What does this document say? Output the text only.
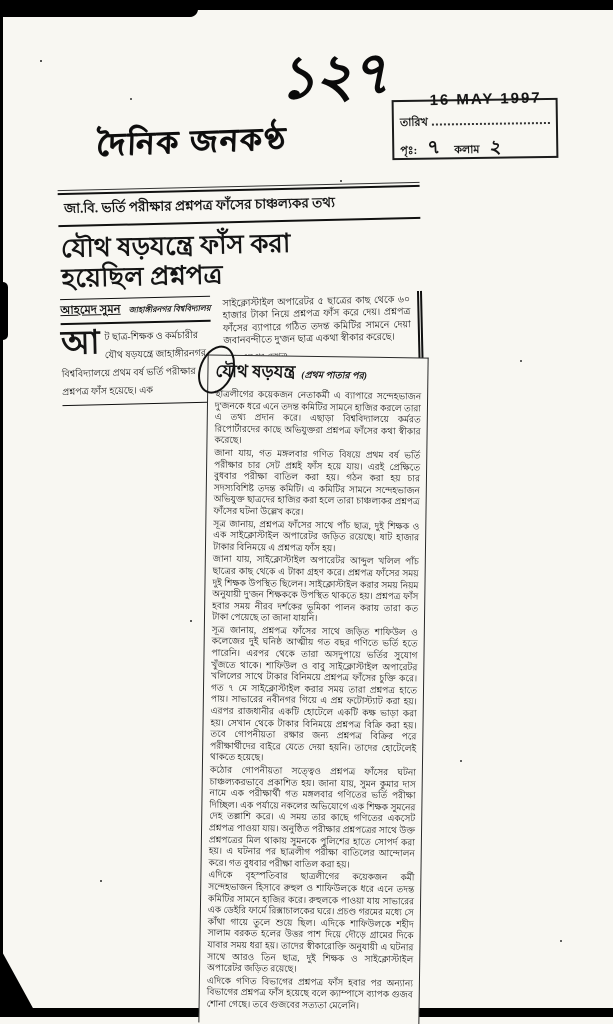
১২৭ 16 MAY 1997
তারিখ
পৃঃ: ৭	কলাম ২
দৈনিক জনকণ্ঠ
জা.বি. ভর্তি পরীক্ষার প্রশ্নপত্র ফাঁসের চাঞ্চল্যকর তথ্য
যৌথ ষড়যন্ত্রে ফাঁস করা
হয়েছিল প্রশ্নপত্র
আহমেদ সুমন জাহাঙ্গীরনগর বিশ্ববিদ্যালয়
আ ট ছাত্র-শিক্ষক ও কর্মচারীর যৌথ ষড়যন্ত্রে জাহাঙ্গীরনগর বিশ্ববিদ্যালয়ে প্রথম বর্ষ ভর্তি পরীক্ষার প্রশ্নপত্র ফাঁস হয়েছে। এক
সাইক্লোস্টাইল অপারেটর ৫ ছাত্রের কাছ থেকে ৬০ হাজার টাকা নিয়ে প্রশ্নপত্র ফাঁস করে দেয়। প্রশ্নপত্র ফাঁসের ব্যাপারে গঠিত তদন্ত কমিটির সামনে দেয়া জবানবন্দীতে দু'জন ছাত্র একথা স্বীকার করেছে।
যৌথ ষড়যন্ত্র (প্রথম পাতার পর)

ছাত্রলীগের কয়েকজন নেতাকর্মী এ ব্যাপারে সন্দেহভাজন দু'জনকে ধরে এনে তদন্ত কমিটির সামনে হাজির করলে তারা এ তথ্য প্রদান করে। এছাড়া বিশ্ববিদ্যালয়ে কর্মরত রিপোর্টারদের কাছে অভিযুক্তরা প্রশ্নপত্র ফাঁসের কথা স্বীকার করেছে।

জানা যায়, গত মঙ্গলবার গণিত বিষয়ে প্রথম বর্ষ ভর্তি পরীক্ষার চার সেট প্রশ্নই ফাঁস হয়ে যায়। এরই প্রেক্ষিতে বুধবার পরীক্ষা বাতিল করা হয়। গঠন করা হয় চার সদস্যবিশিষ্ট তদন্ত কমিটি। এ কমিটির সামনে সন্দেহভাজন অভিযুক্ত ছাত্রদের হাজির করা হলে তারা চাঞ্চল্যকর প্রশ্নপত্র ফাঁসের ঘটনা উল্লেখ করে।

সূত্র জানায়, প্রশ্নপত্র ফাঁসের সাথে পাঁচ ছাত্র, দুই শিক্ষক ও এক সাইক্লোস্টাইল অপারেটর জড়িত রয়েছে। ষাট হাজার টাকার বিনিময়ে এ প্রশ্নপত্র ফাঁস হয়।

জানা যায়, সাইক্লোস্টাইল অপারেটর আব্দুল খলিল পাঁচ ছাত্রের কাছ থেকে এ টাকা গ্রহণ করে। প্রশ্নপত্র ফাঁসের সময় দুই শিক্ষক উপস্থিত ছিলেন। সাইক্লোস্টাইল করার সময় নিয়ম অনুযায়ী দু'জন শিক্ষককে উপস্থিত থাকতে হয়। প্রশ্নপত্র ফাঁস হবার সময় নীরব দর্শকের ভূমিকা পালন করায় তারা কত টাকা পেয়েছে তা জানা যায়নি।

সূত্র জানায়, প্রশ্নপত্র ফাঁসের সাথে জড়িত শাফিউল ও কলেজের দুই ঘনিষ্ঠ আত্মীয় গত বছর গণিতে ভর্তি হতে পারেনি। এরপর থেকে তারা অসদুপায়ে ভর্তির সুযোগ খুঁজতে থাকে। শাফিউল ও বাবু সাইক্লোস্টাইল অপারেটর খলিলের সাথে টাকার বিনিময়ে প্রশ্নপত্র ফাঁসের চুক্তি করে। গত ৭ মে সাইক্লোস্টাইল করার সময় তারা প্রশ্নপত্র হাতে পায়। সাভারের নবীনগর গিয়ে এ প্রশ্ন ফটোস্ট্যাট করা হয়। এরপর রাজধানীর একটি হোটেলে একটি কক্ষ ভাড়া করা হয়। সেখান থেকে টাকার বিনিময়ে প্রশ্নপত্র বিক্রি করা হয়। তবে গোপনীয়তা রক্ষার জন্য প্রশ্নপত্র বিক্রির পরে পরীক্ষার্থীদের বাইরে যেতে দেয়া হয়নি। তাদের হোটেলেই থাকতে হয়েছে।

কঠোর গোপনীয়তা সত্ত্বেও প্রশ্নপত্র ফাঁসের ঘটনা চাঞ্চল্যকরভাবে প্রকাশিত হয়। জানা যায়, সুমন কুমার দাস নামে এক পরীক্ষার্থী গত মঙ্গলবার গণিতের ভর্তি পরীক্ষা দিচ্ছিল। এক পর্যায়ে নকলের অভিযোগে এক শিক্ষক সুমনের দেহ তল্লাশি করে। এ সময় তার কাছে গণিতের একসেট প্রশ্নপত্র পাওয়া যায়। অনুষ্ঠিত পরীক্ষার প্রশ্নপত্রের সাথে উক্ত প্রশ্নপত্রের মিল থাকায় সুমনকে পুলিশের হাতে সোপর্দ করা হয়। এ ঘটনার পর ছাত্রলীগ পরীক্ষা বাতিলের আন্দোলন করে। গত বুধবার পরীক্ষা বাতিল করা হয়।

এদিকে বৃহস্পতিবার ছাত্রলীগের কয়েকজন কর্মী সন্দেহভাজন হিসাবে রুহুল ও শাফিউলকে ধরে এনে তদন্ত কমিটির সামনে হাজির করে। রুহুলকে পাওয়া যায় সাভারের এক ডেইরি ফার্মে রিক্সাচালকের ঘরে। প্রচণ্ড গরমের মধ্যে সে কাঁথা গায়ে তুলে শুয়ে ছিল। এদিকে শাফিউলকে শহীদ সালাম বরকত হলের উত্তর পাশ দিয়ে দৌড়ে গ্রামের দিকে যাবার সময় ধরা হয়। তাদের স্বীকারোক্তি অনুযায়ী এ ঘটনার সাথে আরও তিন ছাত্র, দুই শিক্ষক ও সাইক্লোস্টাইল অপারেটর জড়িত রয়েছে।

এদিকে গণিত বিভাগের প্রশ্নপত্র ফাঁস হবার পর অন্যান্য বিভাগের প্রশ্নপত্র ফাঁস হয়েছে বলে ক্যাম্পাসে ব্যাপক গুজব শোনা গেছে। তবে গুজবের সত্যতা মেলেনি।
